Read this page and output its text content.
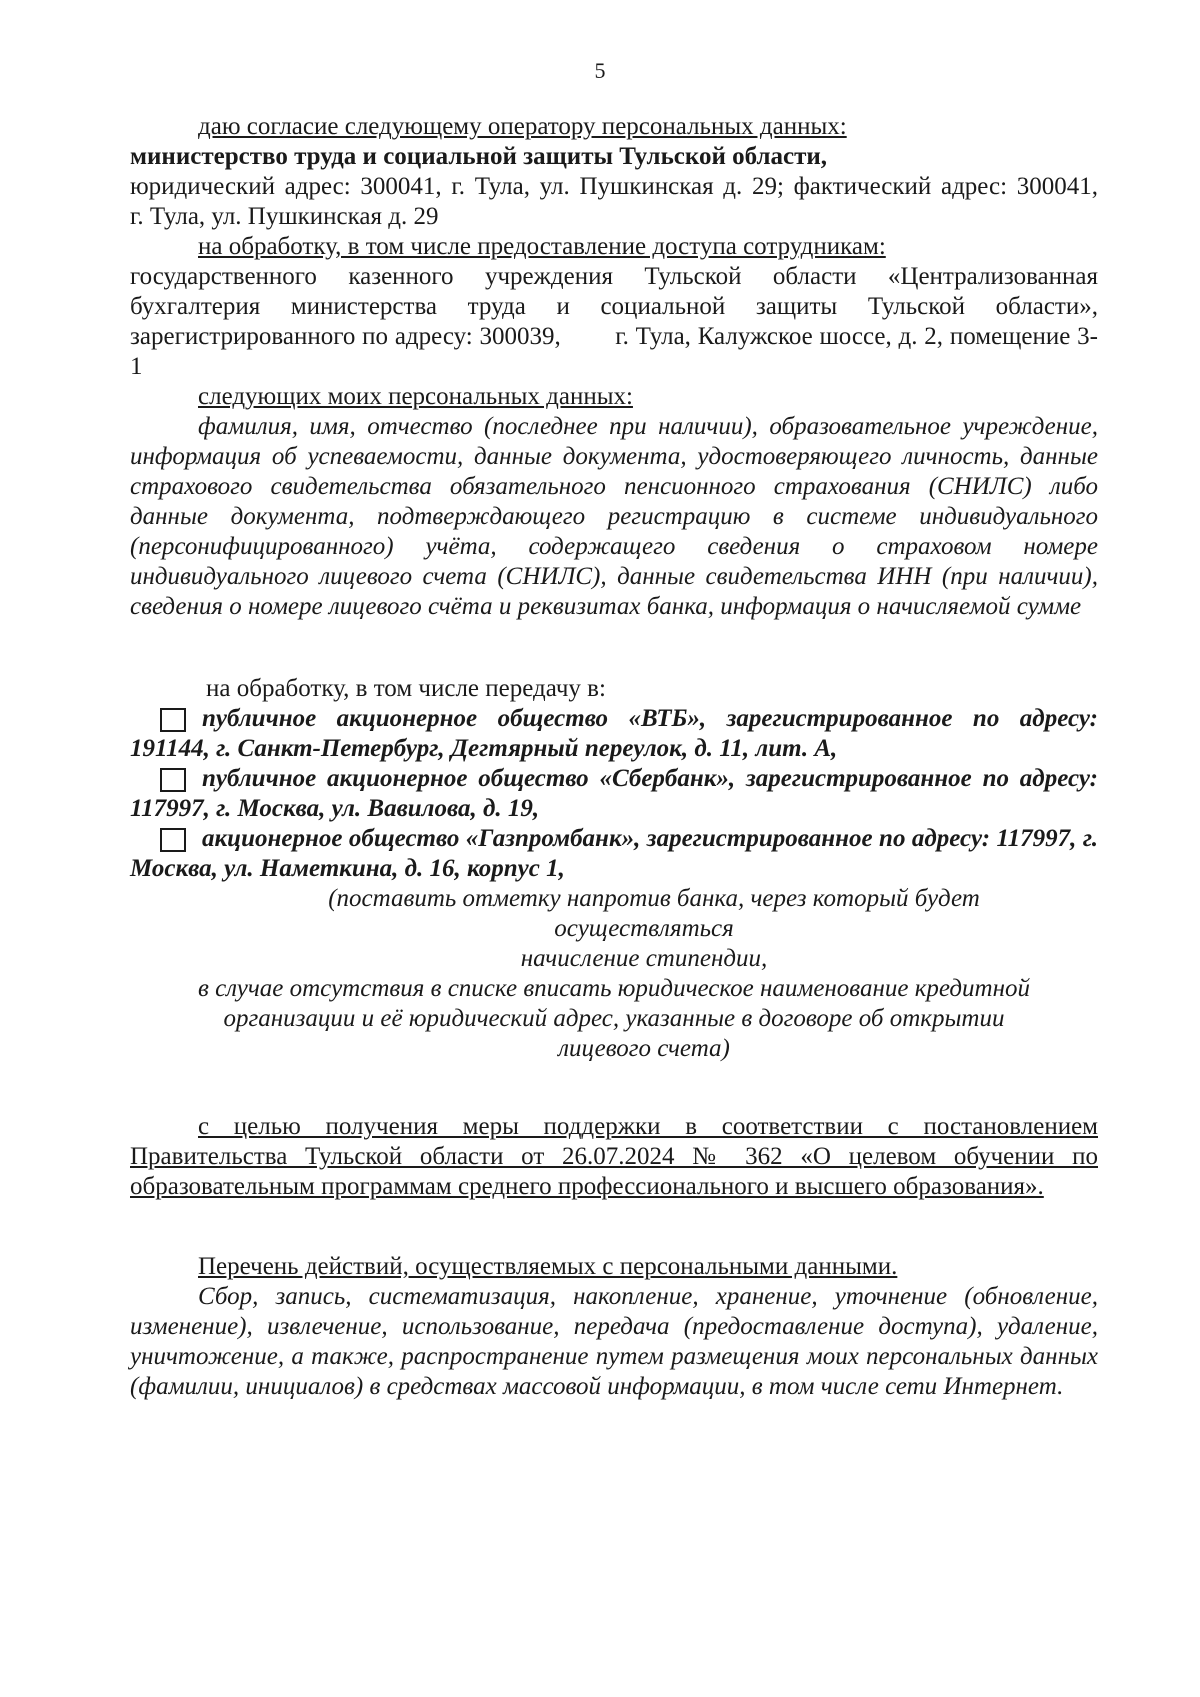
5

даю согласие следующему оператору персональных данных:

министерство труда и социальной защиты Тульской области,

юридический адрес: 300041, г. Тула, ул. Пушкинская д. 29; фактический адрес: 300041,        г. Тула, ул. Пушкинская д. 29

на обработку, в том числе предоставление доступа сотрудникам:

государственного казенного учреждения Тульской области «Централизованная бухгалтерия министерства труда и социальной защиты Тульской области», зарегистрированного по адресу: 300039,        г. Тула, Калужское шоссе, д. 2, помещение 3-1

следующих моих персональных данных:

фамилия, имя, отчество (последнее при наличии), образовательное учреждение, информация об успеваемости, данные документа, удостоверяющего личность, данные страхового свидетельства обязательного пенсионного страхования (СНИЛС) либо данные документа, подтверждающего регистрацию в системе индивидуального (персонифицированного) учёта, содержащего сведения о страховом номере индивидуального лицевого счета (СНИЛС), данные свидетельства ИНН (при наличии), сведения о номере лицевого счёта и реквизитах банка, информация о начисляемой сумме

на обработку, в том числе передачу в:

публичное акционерное общество «ВТБ», зарегистрированное по адресу: 191144, г. Санкт-Петербург, Дегтярный переулок, д. 11, лит. А,
публичное акционерное общество «Сбербанк», зарегистрированное по адресу: 117997, г. Москва, ул. Вавилова, д. 19,
акционерное общество «Газпромбанк», зарегистрированное по адресу: 117997, г. Москва, ул. Наметкина, д. 16, корпус 1,

(поставить отметку напротив банка, через который будет

осуществляться

начисление стипендии,

в случае отсутствия в списке вписать юридическое наименование кредитной

организации и её юридический адрес, указанные в договоре об открытии

лицевого счета)

с целью получения меры поддержки в соответствии с постановлением Правительства Тульской области от 26.07.2024 № 362 «О целевом обучении по образовательным программам среднего профессионального и высшего образования».

Перечень действий, осуществляемых с персональными данными.

Сбор, запись, систематизация, накопление, хранение, уточнение (обновление, изменение), извлечение, использование, передача (предоставление доступа), удаление, уничтожение, а также, распространение путем размещения моих персональных данных (фамилии, инициалов) в средствах массовой информации, в том числе сети Интернет.
